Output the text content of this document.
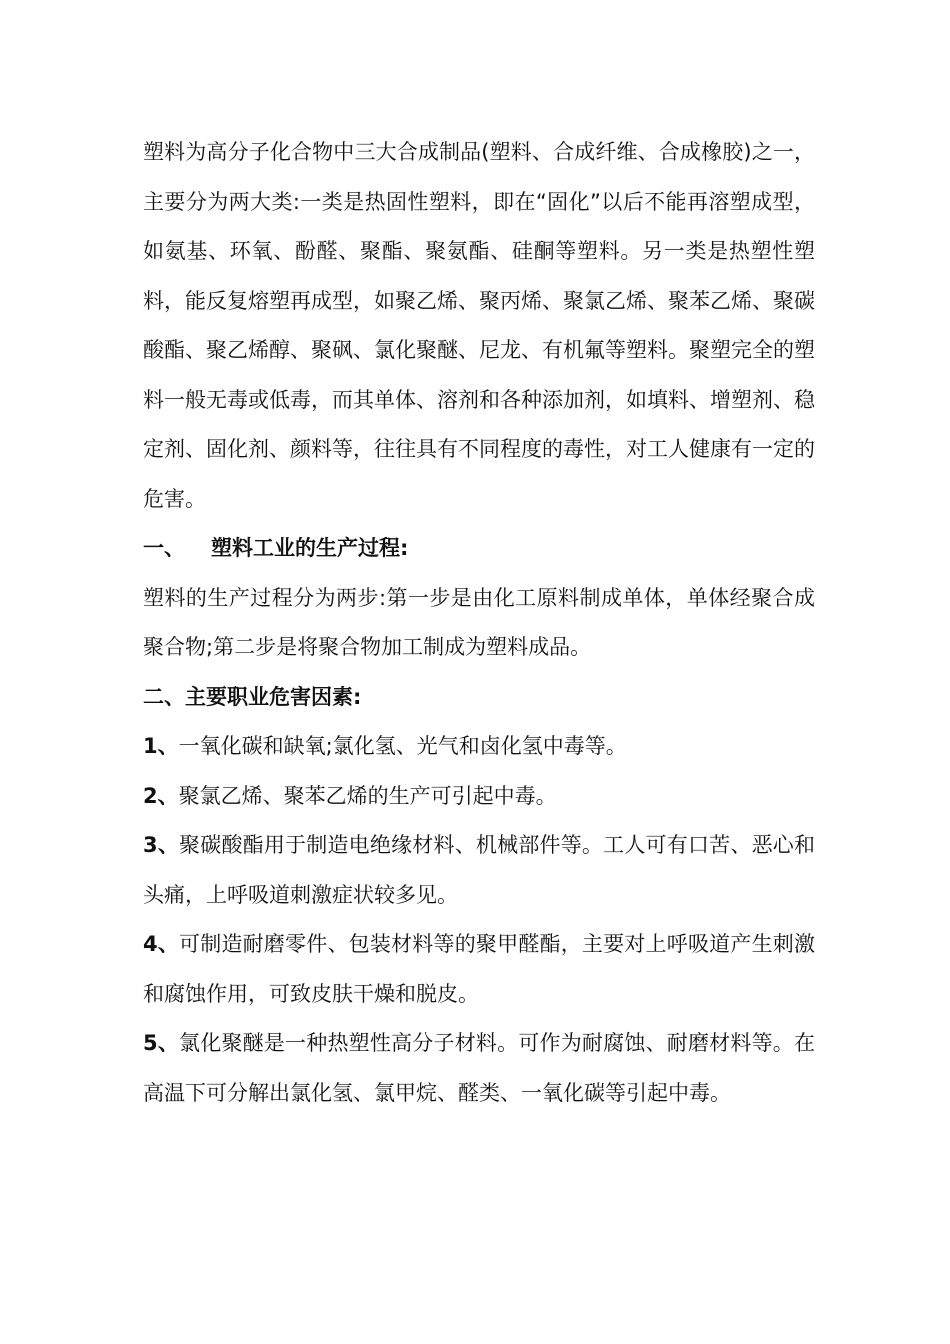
塑料为高分子化合物中三大合成制品(塑料、合成纤维、合成橡胶)之一，主要分为两大类:一类是热固性塑料，即在“固化”以后不能再溶塑成型，如氨基、环氧、酚醛、聚酯、聚氨酯、硅酮等塑料。另一类是热塑性塑料，能反复熔塑再成型，如聚乙烯、聚丙烯、聚氯乙烯、聚苯乙烯、聚碳酸酯、聚乙烯醇、聚砜、氯化聚醚、尼龙、有机氟等塑料。聚塑完全的塑料一般无毒或低毒，而其单体、溶剂和各种添加剂，如填料、增塑剂、稳定剂、固化剂、颜料等，往往具有不同程度的毒性，对工人健康有一定的危害。

一、 塑料工业的生产过程:

塑料的生产过程分为两步:第一步是由化工原料制成单体，单体经聚合成聚合物;第二步是将聚合物加工制成为塑料成品。

二、主要职业危害因素:

1、一氧化碳和缺氧;氯化氢、光气和卤化氢中毒等。

2、聚氯乙烯、聚苯乙烯的生产可引起中毒。

3、聚碳酸酯用于制造电绝缘材料、机械部件等。工人可有口苦、恶心和头痛，上呼吸道刺激症状较多见。

4、可制造耐磨零件、包装材料等的聚甲醛酯，主要对上呼吸道产生刺激和腐蚀作用，可致皮肤干燥和脱皮。

5、氯化聚醚是一种热塑性高分子材料。可作为耐腐蚀、耐磨材料等。在高温下可分解出氯化氢、氯甲烷、醛类、一氧化碳等引起中毒。
